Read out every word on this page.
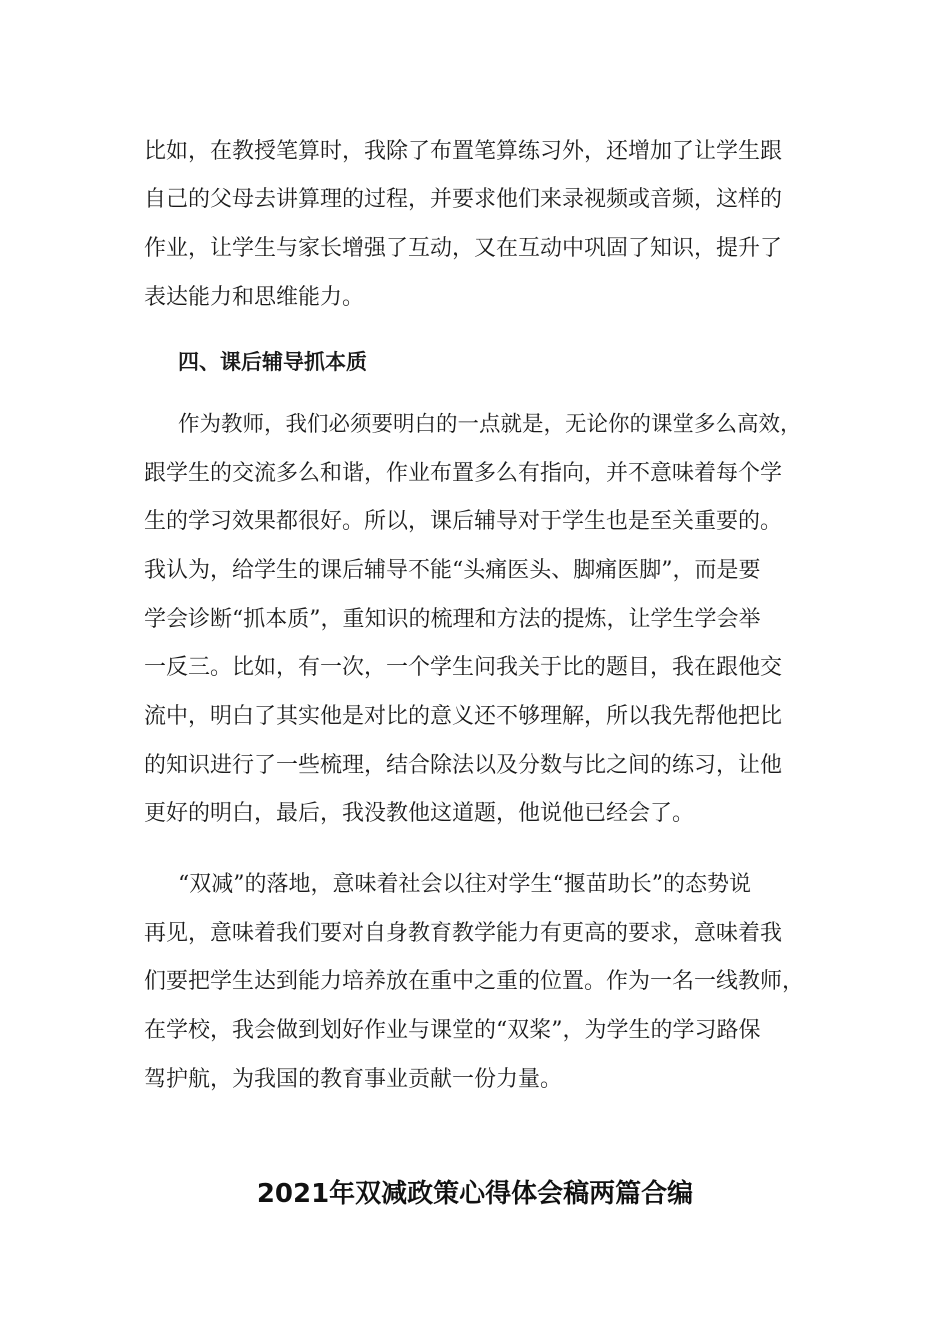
比如，在教授笔算时，我除了布置笔算练习外，还增加了让学生跟
自己的父母去讲算理的过程，并要求他们来录视频或音频，这样的
作业，让学生与家长增强了互动，又在互动中巩固了知识，提升了
表达能力和思维能力。
四、课后辅导抓本质
作为教师，我们必须要明白的一点就是，无论你的课堂多么高效，
跟学生的交流多么和谐，作业布置多么有指向，并不意味着每个学
生的学习效果都很好。所以，课后辅导对于学生也是至关重要的。
我认为，给学生的课后辅导不能“头痛医头、脚痛医脚”，而是要
学会诊断“抓本质”，重知识的梳理和方法的提炼，让学生学会举
一反三。比如，有一次，一个学生问我关于比的题目，我在跟他交
流中，明白了其实他是对比的意义还不够理解，所以我先帮他把比
的知识进行了一些梳理，结合除法以及分数与比之间的练习，让他
更好的明白，最后，我没教他这道题，他说他已经会了。
“双减”的落地，意味着社会以往对学生“揠苗助长”的态势说
再见，意味着我们要对自身教育教学能力有更高的要求，意味着我
们要把学生达到能力培养放在重中之重的位置。作为一名一线教师，
在学校，我会做到划好作业与课堂的“双桨”，为学生的学习路保
驾护航，为我国的教育事业贡献一份力量。
2021年双减政策心得体会稿两篇合编
